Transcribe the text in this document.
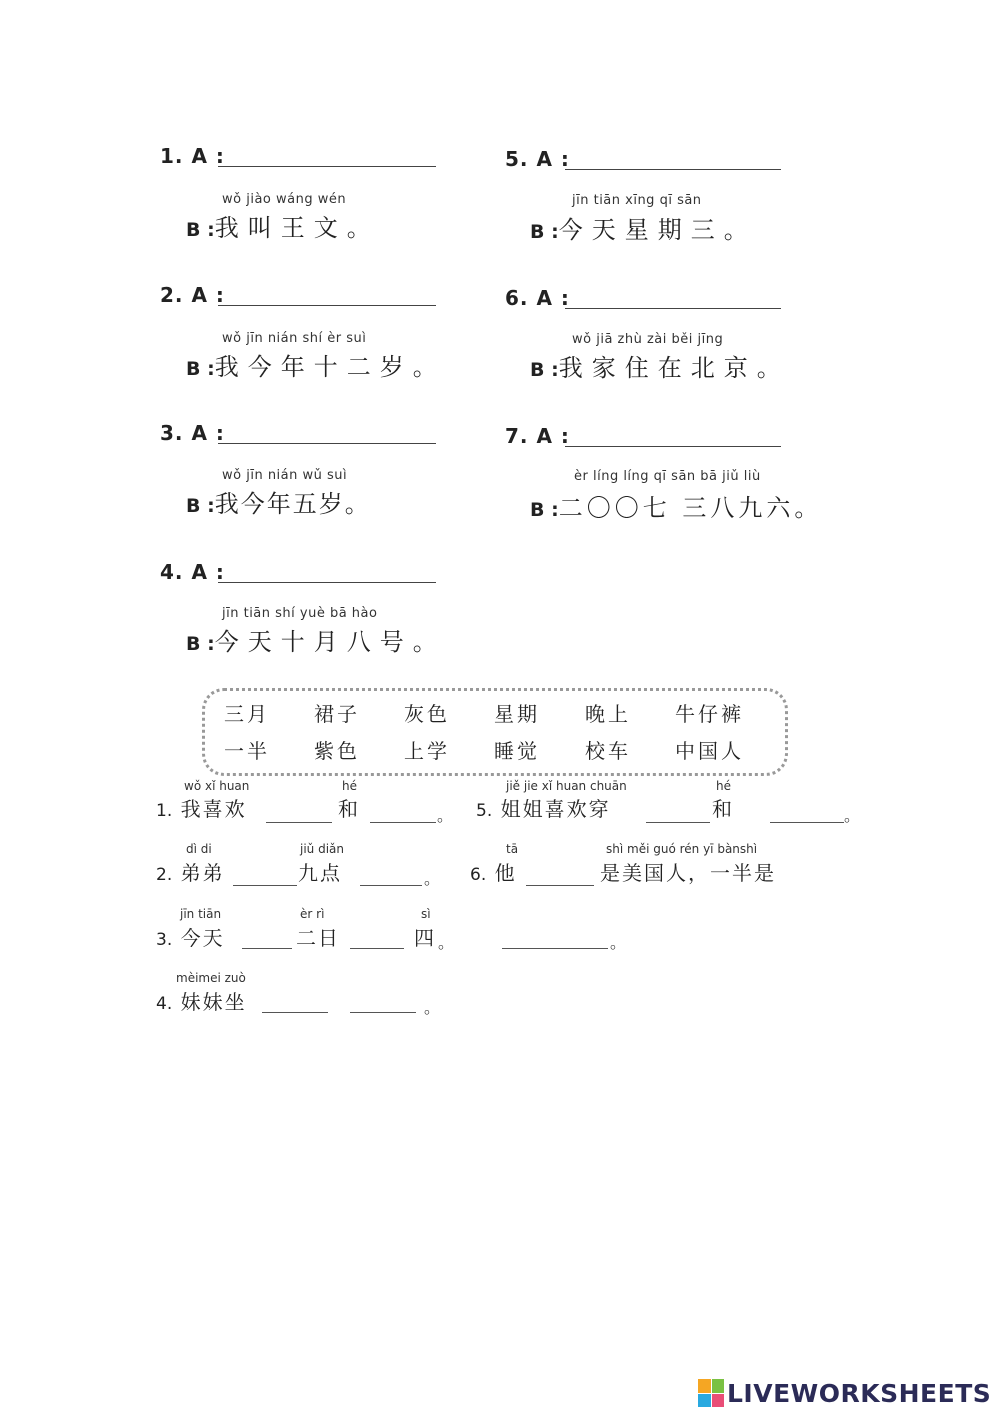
1. A :
wǒ jiào wáng wén
B :我叫王文。
2. A :
wǒ jīn nián shí èr suì
B :我今年十二岁。
3. A :
wǒ jīn nián wǔ suì
B :我今年五岁。
4. A :
jīn tiān shí yuè bā hào
B :今天十月八号。
5. A :
jīn tiān xīng qī sān
B :今天星期三。
6. A :
wǒ jiā zhù zài běi jīng
B :我家住在北京。
7. A :
èr líng líng qī sān bā jiǔ liù
B :二〇〇七 三八九六。
三月 裙子 灰色 星期 晚上 牛仔裤
一半 紫色 上学 睡觉 校车 中国人
wǒ xǐ huan	hé
1. 我喜欢	和	。
dì di	jiǔ diǎn
2. 弟弟	九点	。
jīn tiān	èr rì	sì
3. 今天	二日	四 。
mèimei zuò
4. 妹妹坐	。
jiě jie xǐ huan chuān	hé
5. 姐姐喜欢穿	和	。
tā	shì měi guó rén yī bànshì
6. 他	是美国人，一半是
。
LIVEWORKSHEETS
